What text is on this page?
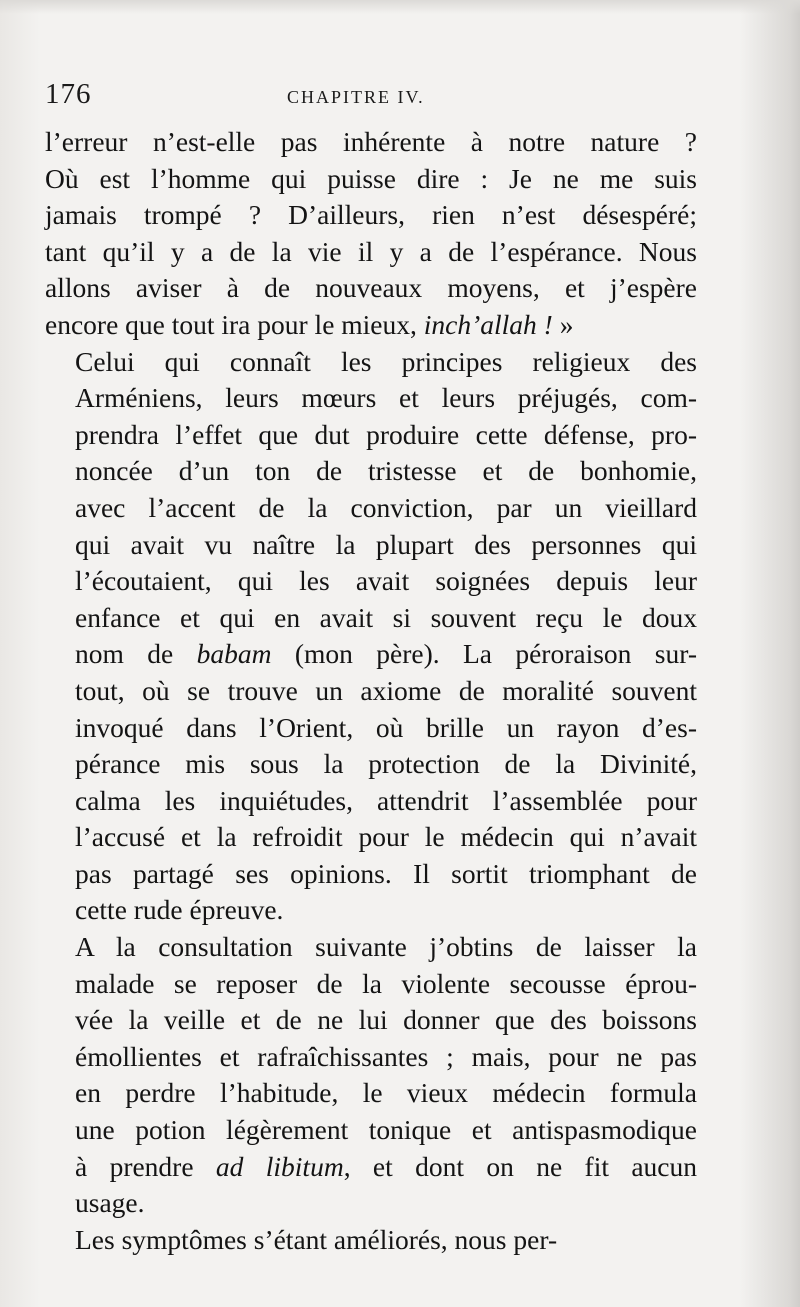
176	CHAPITRE IV.
l’erreur n’est-elle pas inhérente à notre nature ?
Où est l’homme qui puisse dire : Je ne me suis
jamais trompé ? D’ailleurs, rien n’est désespéré;
tant qu’il y a de la vie il y a de l’espérance. Nous
allons aviser à de nouveaux moyens, et j’espère
encore que tout ira pour le mieux, inch’allah ! »
Celui qui connaît les principes religieux des
Arméniens, leurs mœurs et leurs préjugés, com-
prendra l’effet que dut produire cette défense, pro-
noncée d’un ton de tristesse et de bonhomie,
avec l’accent de la conviction, par un vieillard
qui avait vu naître la plupart des personnes qui
l’écoutaient, qui les avait soignées depuis leur
enfance et qui en avait si souvent reçu le doux
nom de babam (mon père). La péroraison sur-
tout, où se trouve un axiome de moralité souvent
invoqué dans l’Orient, où brille un rayon d’es-
pérance mis sous la protection de la Divinité,
calma les inquiétudes, attendrit l’assemblée pour
l’accusé et la refroidit pour le médecin qui n’avait
pas partagé ses opinions. Il sortit triomphant de
cette rude épreuve.
A la consultation suivante j’obtins de laisser la
malade se reposer de la violente secousse éprou-
vée la veille et de ne lui donner que des boissons
émollientes et rafraîchissantes ; mais, pour ne pas
en perdre l’habitude, le vieux médecin formula
une potion légèrement tonique et antispasmodique
à prendre ad libitum, et dont on ne fit aucun
usage.
Les symptômes s’étant améliorés, nous per-
